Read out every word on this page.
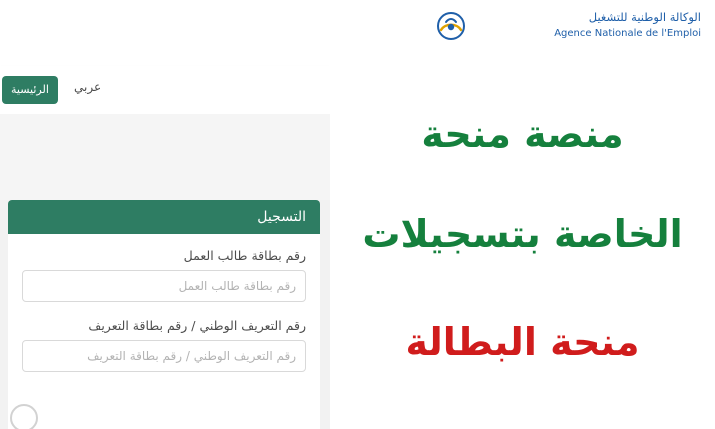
الرئيسية	عربي
التسجيل
رقم بطاقة طالب العمل
رقم بطاقة طالب العمل
رقم التعريف الوطني / رقم بطاقة التعريف
رقم التعريف الوطني / رقم بطاقة التعريف
الوكالة الوطنية للتشغيل
Agence Nationale de l'Emploi
منصة منحة
الخاصة بتسجيلات
منحة البطالة
